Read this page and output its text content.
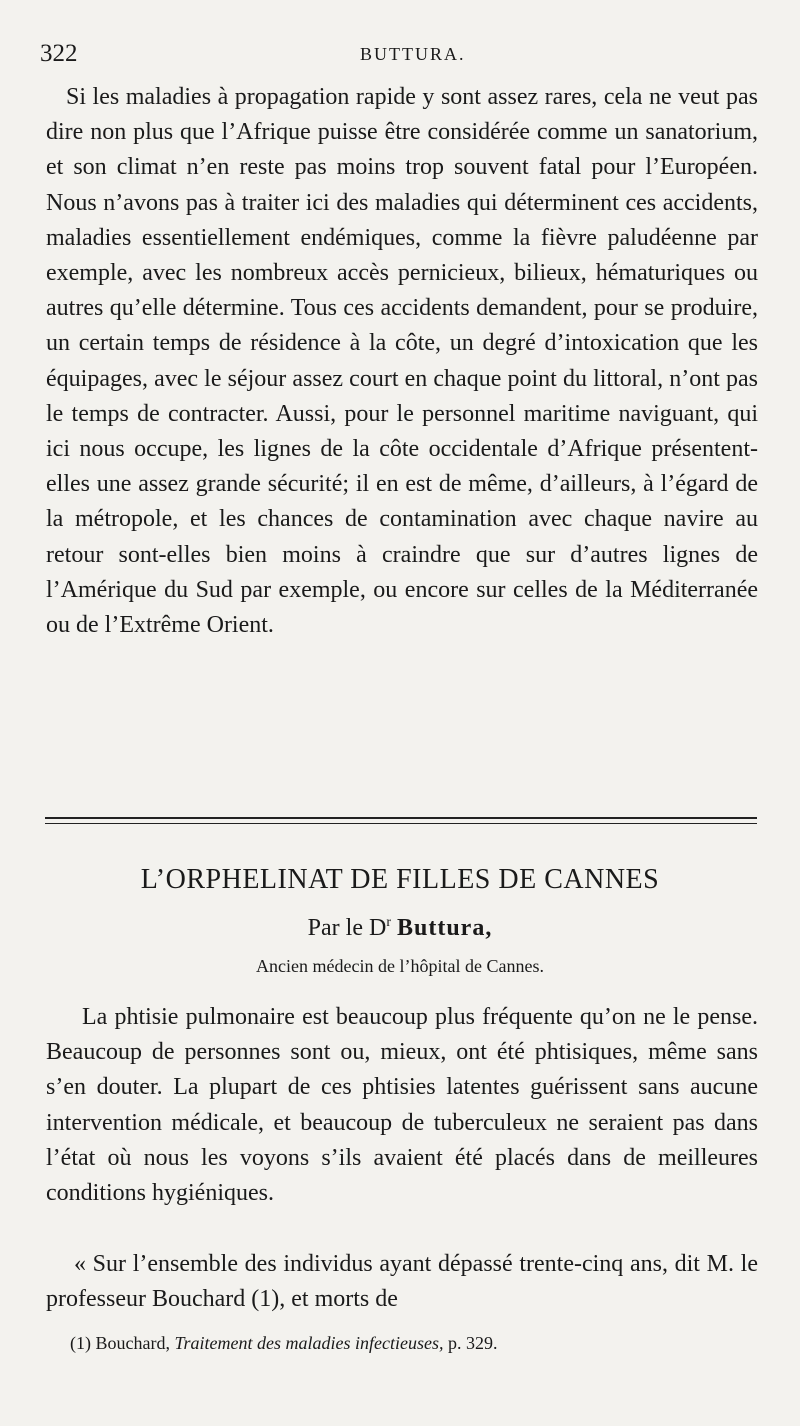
322	BUTTURA.

Si les maladies à propagation rapide y sont assez rares, cela ne veut pas dire non plus que l’Afrique puisse être considérée comme un sanatorium, et son climat n’en reste pas moins trop souvent fatal pour l’Européen. Nous n’avons pas à traiter ici des maladies qui déterminent ces accidents, maladies essentiellement endémiques, comme la fièvre paludéenne par exemple, avec les nombreux accès pernicieux, bilieux, hématuriques ou autres qu’elle détermine. Tous ces accidents demandent, pour se produire, un certain temps de résidence à la côte, un degré d’intoxication que les équipages, avec le séjour assez court en chaque point du littoral, n’ont pas le temps de contracter. Aussi, pour le personnel maritime naviguant, qui ici nous occupe, les lignes de la côte occidentale d’Afrique présentent-elles une assez grande sécurité; il en est de même, d’ailleurs, à l’égard de la métropole, et les chances de contamination avec chaque navire au retour sont-elles bien moins à craindre que sur d’autres lignes de l’Amérique du Sud par exemple, ou encore sur celles de la Méditerranée ou de l’Extrême Orient.

L’ORPHELINAT DE FILLES DE CANNES
Par le $D^r$ Buttura,
Ancien médecin de l’hôpital de Cannes.

La phtisie pulmonaire est beaucoup plus fréquente qu’on ne le pense. Beaucoup de personnes sont ou, mieux, ont été phtisiques, même sans s’en douter. La plupart de ces phtisies latentes guérissent sans aucune intervention médicale, et beaucoup de tuberculeux ne seraient pas dans l’état où nous les voyons s’ils avaient été placés dans de meilleures conditions hygiéniques.

« Sur l’ensemble des individus ayant dépassé trente-cinq ans, dit M. le professeur Bouchard (1), et morts de

(1) Bouchard, Traitement des maladies infectieuses, p. 329.
